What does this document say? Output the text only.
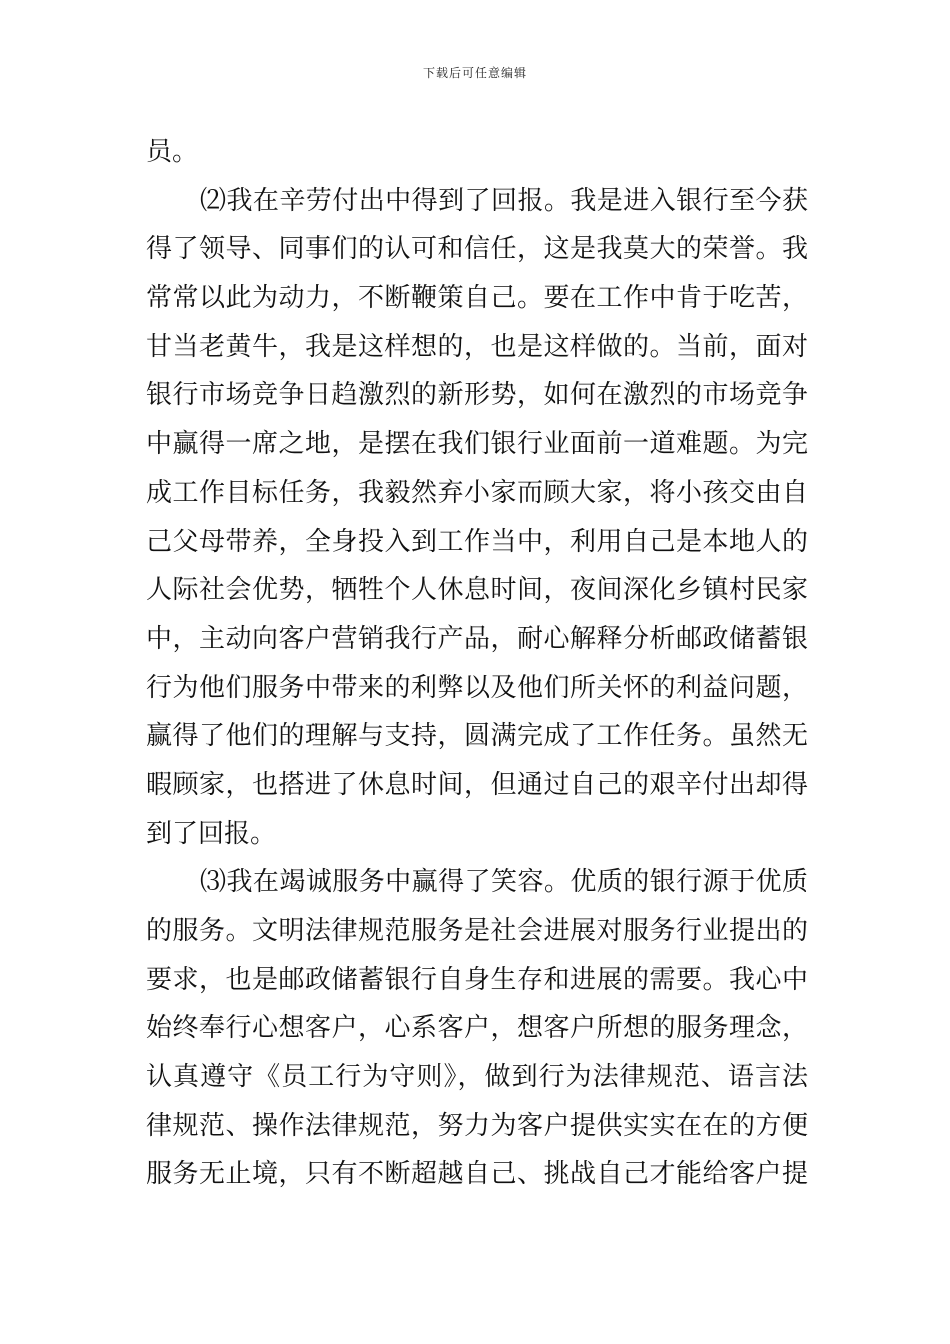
下载后可任意编辑
员。
⑵我在辛劳付出中得到了回报。我是进入银行至今获
得了领导、同事们的认可和信任，这是我莫大的荣誉。我
常常以此为动力，不断鞭策自己。要在工作中肯于吃苦，
甘当老黄牛，我是这样想的，也是这样做的。当前，面对
银行市场竞争日趋激烈的新形势，如何在激烈的市场竞争
中赢得一席之地，是摆在我们银行业面前一道难题。为完
成工作目标任务，我毅然弃小家而顾大家，将小孩交由自
己父母带养，全身投入到工作当中，利用自己是本地人的
人际社会优势，牺牲个人休息时间，夜间深化乡镇村民家
中，主动向客户营销我行产品，耐心解释分析邮政储蓄银
行为他们服务中带来的利弊以及他们所关怀的利益问题，
赢得了他们的理解与支持，圆满完成了工作任务。虽然无
暇顾家，也搭进了休息时间，但通过自己的艰辛付出却得
到了回报。
⑶我在竭诚服务中赢得了笑容。优质的银行源于优质
的服务。文明法律规范服务是社会进展对服务行业提出的
要求，也是邮政储蓄银行自身生存和进展的需要。我心中
始终奉行心想客户，心系客户，想客户所想的服务理念，
认真遵守《员工行为守则》，做到行为法律规范、语言法
律规范、操作法律规范，努力为客户提供实实在在的方便
服务无止境，只有不断超越自己、挑战自己才能给客户提
